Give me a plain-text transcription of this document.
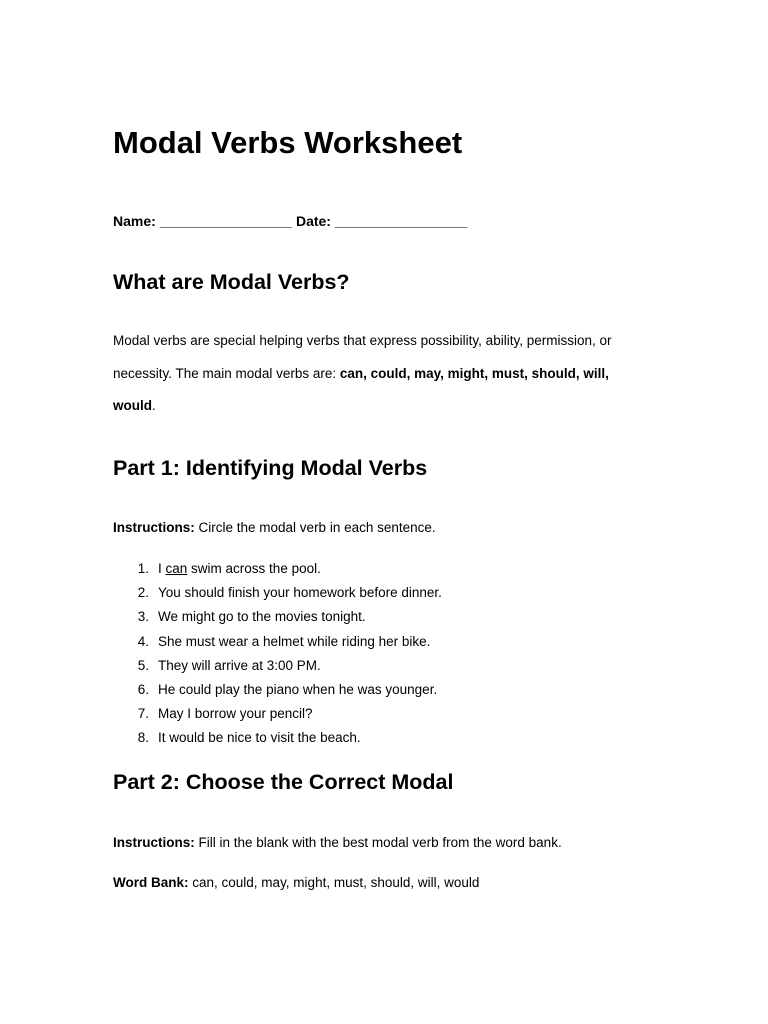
Modal Verbs Worksheet
Name: _________________ Date: _________________
What are Modal Verbs?
Modal verbs are special helping verbs that express possibility, ability, permission, or necessity. The main modal verbs are: can, could, may, might, must, should, will, would.
Part 1: Identifying Modal Verbs
Instructions: Circle the modal verb in each sentence.
1. I can swim across the pool.
2. You should finish your homework before dinner.
3. We might go to the movies tonight.
4. She must wear a helmet while riding her bike.
5. They will arrive at 3:00 PM.
6. He could play the piano when he was younger.
7. May I borrow your pencil?
8. It would be nice to visit the beach.
Part 2: Choose the Correct Modal
Instructions: Fill in the blank with the best modal verb from the word bank.
Word Bank: can, could, may, might, must, should, will, would
